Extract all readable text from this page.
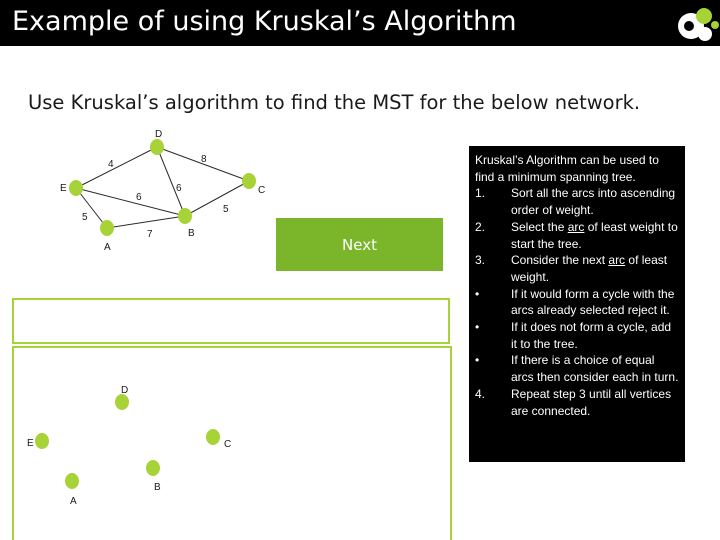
Example of using Kruskal’s Algorithm
Use Kruskal’s algorithm to find the MST for the below network.
D
E	C
A
B
4	8
6
6
5
5
7
Next
D
E	C
B
A

Kruskal’s Algorithm can be used to find a minimum spanning tree.

1.	Sort all the arcs into ascending order of weight.
2.	Select the arc of least weight to start the tree.
3.	Consider the next arc of least weight.
•	If it would form a cycle with the arcs already selected reject it.
•	If it does not form a cycle, add it to the tree.
•	If there is a choice of equal arcs then consider each in turn.
4.	Repeat step 3 until all vertices are connected.
